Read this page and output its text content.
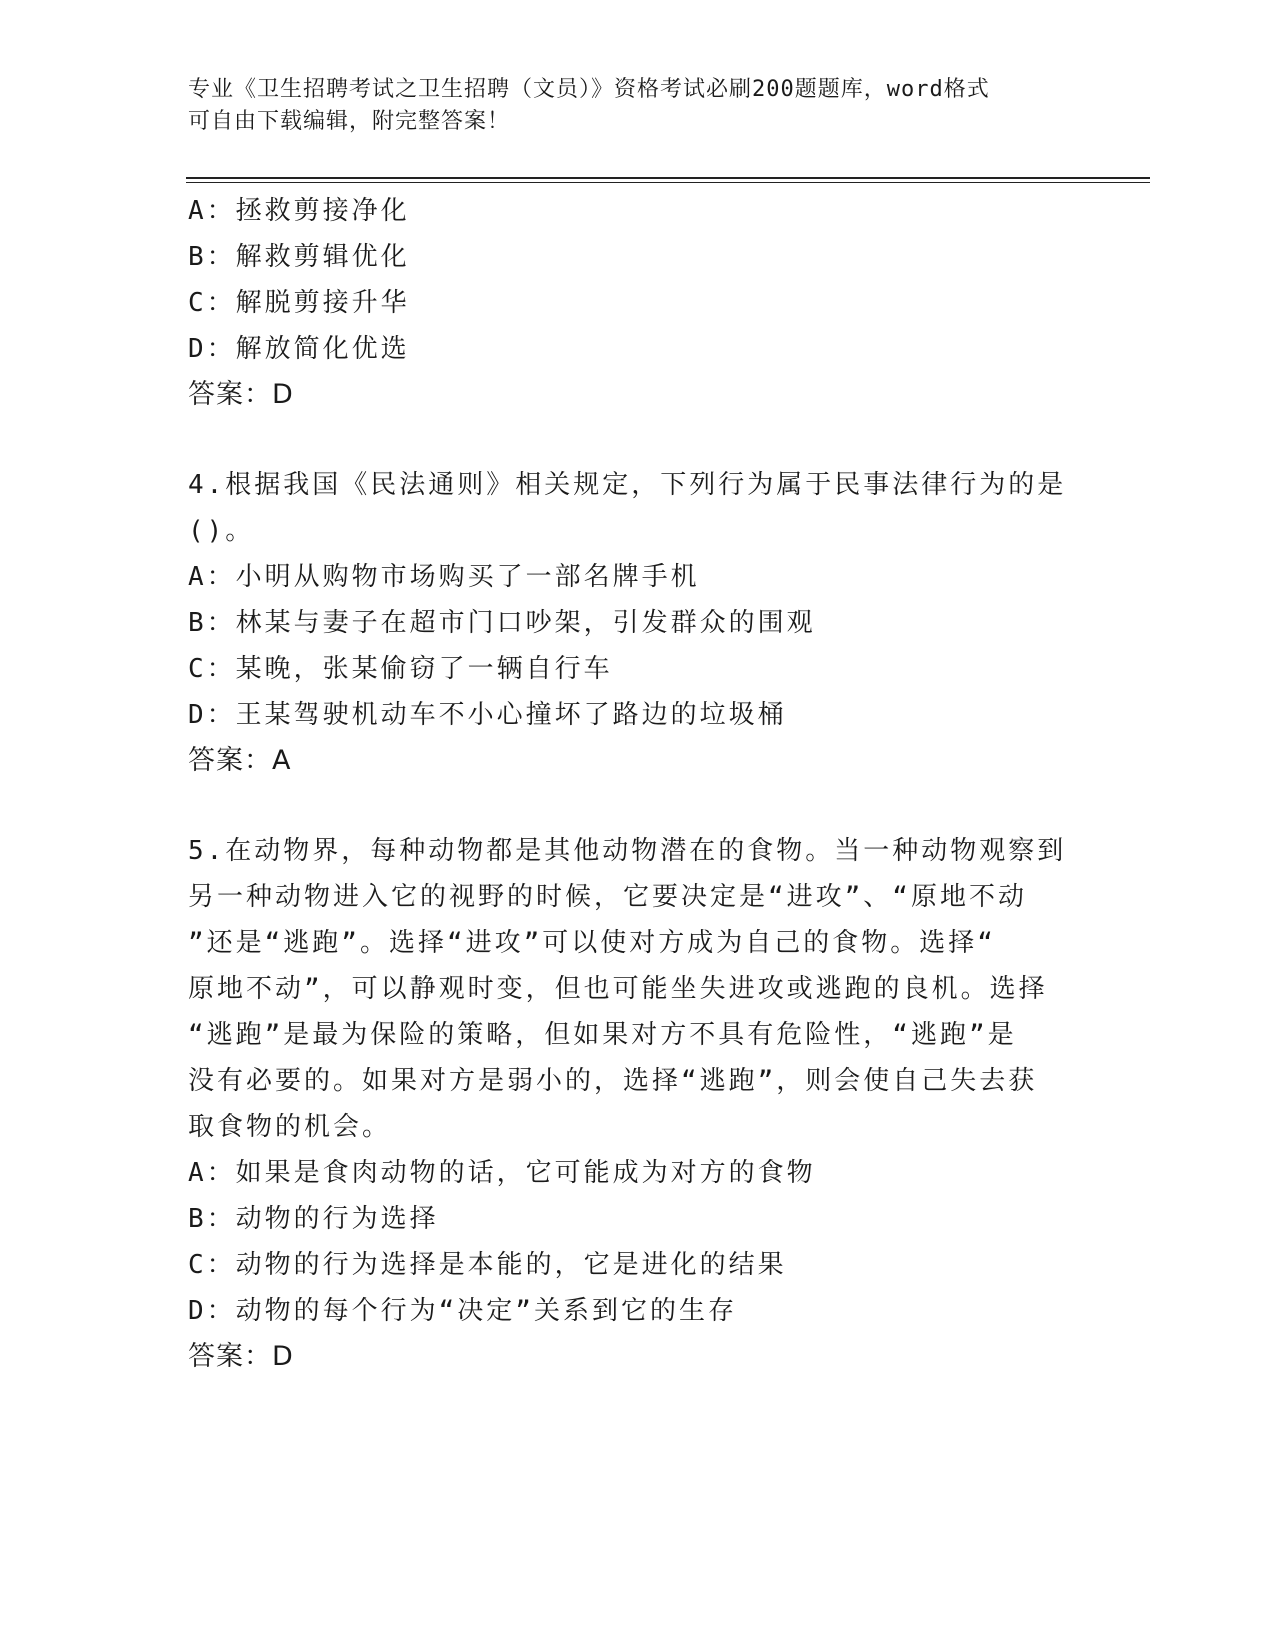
专业《卫生招聘考试之卫生招聘（文员）》资格考试必刷200题题库，word格式
可自由下载编辑，附完整答案！
A：拯救剪接净化
B：解救剪辑优化
C：解脱剪接升华
D：解放简化优选
答案：D
4.根据我国《民法通则》相关规定，下列行为属于民事法律行为的是
()。
A：小明从购物市场购买了一部名牌手机
B：林某与妻子在超市门口吵架，引发群众的围观
C：某晚，张某偷窃了一辆自行车
D：王某驾驶机动车不小心撞坏了路边的垃圾桶
答案：A
5.在动物界，每种动物都是其他动物潜在的食物。当一种动物观察到
另一种动物进入它的视野的时候，它要决定是“进攻”、“原地不动
”还是“逃跑”。选择“进攻”可以使对方成为自己的食物。选择“
原地不动”，可以静观时变，但也可能坐失进攻或逃跑的良机。选择
“逃跑”是最为保险的策略，但如果对方不具有危险性，“逃跑”是
没有必要的。如果对方是弱小的，选择“逃跑”，则会使自己失去获
取食物的机会。
A：如果是食肉动物的话，它可能成为对方的食物
B：动物的行为选择
C：动物的行为选择是本能的，它是进化的结果
D：动物的每个行为“决定”关系到它的生存
答案：D
